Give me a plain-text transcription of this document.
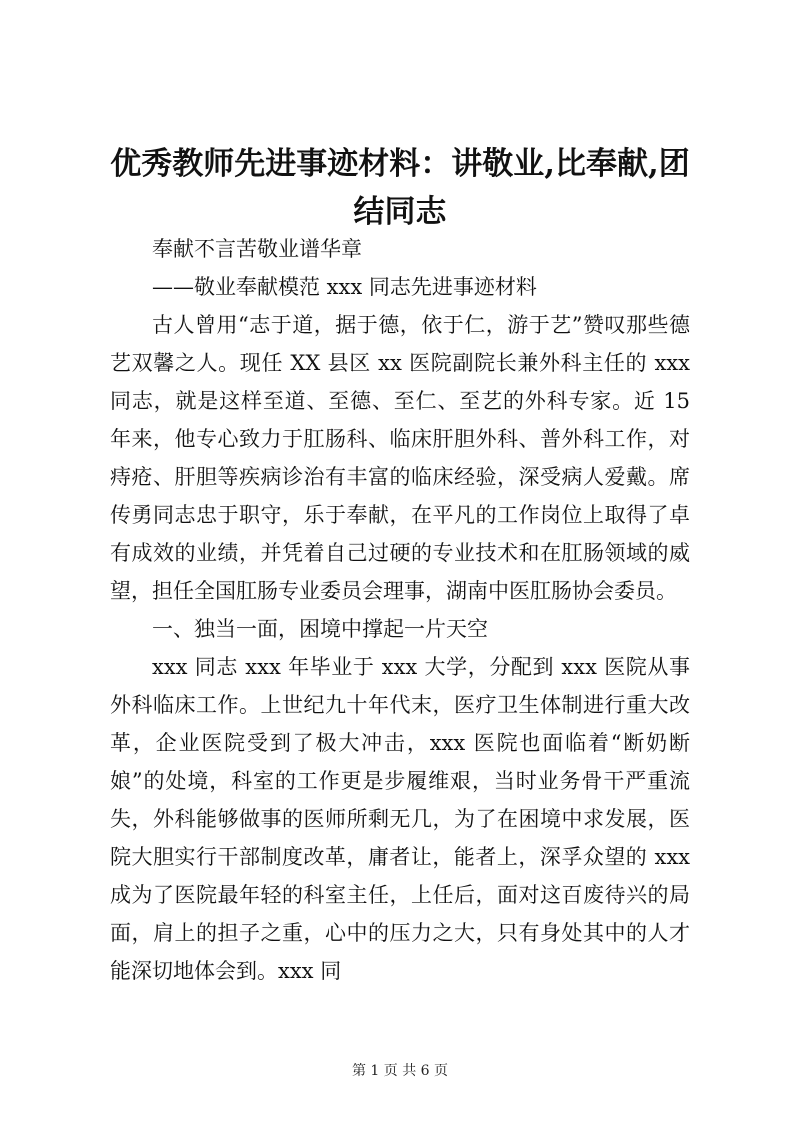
优秀教师先进事迹材料：讲敬业,比奉献,团结同志

奉献不言苦敬业谱华章

——敬业奉献模范 xxx 同志先进事迹材料

古人曾用“志于道，据于德，依于仁，游于艺”赞叹那些德艺双馨之人。现任 XX 县区 xx 医院副院长兼外科主任的 xxx 同志，就是这样至道、至德、至仁、至艺的外科专家。近 15 年来，他专心致力于肛肠科、临床肝胆外科、普外科工作，对痔疮、肝胆等疾病诊治有丰富的临床经验，深受病人爱戴。席传勇同志忠于职守，乐于奉献，在平凡的工作岗位上取得了卓有成效的业绩，并凭着自己过硬的专业技术和在肛肠领域的威望，担任全国肛肠专业委员会理事，湖南中医肛肠协会委员。

一、独当一面，困境中撑起一片天空

xxx 同志 xxx 年毕业于 xxx 大学，分配到 xxx 医院从事外科临床工作。上世纪九十年代末，医疗卫生体制进行重大改革，企业医院受到了极大冲击，xxx 医院也面临着“断奶断娘”的处境，科室的工作更是步履维艰，当时业务骨干严重流失，外科能够做事的医师所剩无几，为了在困境中求发展，医院大胆实行干部制度改革，庸者让，能者上，深孚众望的 xxx 成为了医院最年轻的科室主任，上任后，面对这百废待兴的局面，肩上的担子之重，心中的压力之大，只有身处其中的人才能深切地体会到。xxx 同

第 1 页 共 6 页
